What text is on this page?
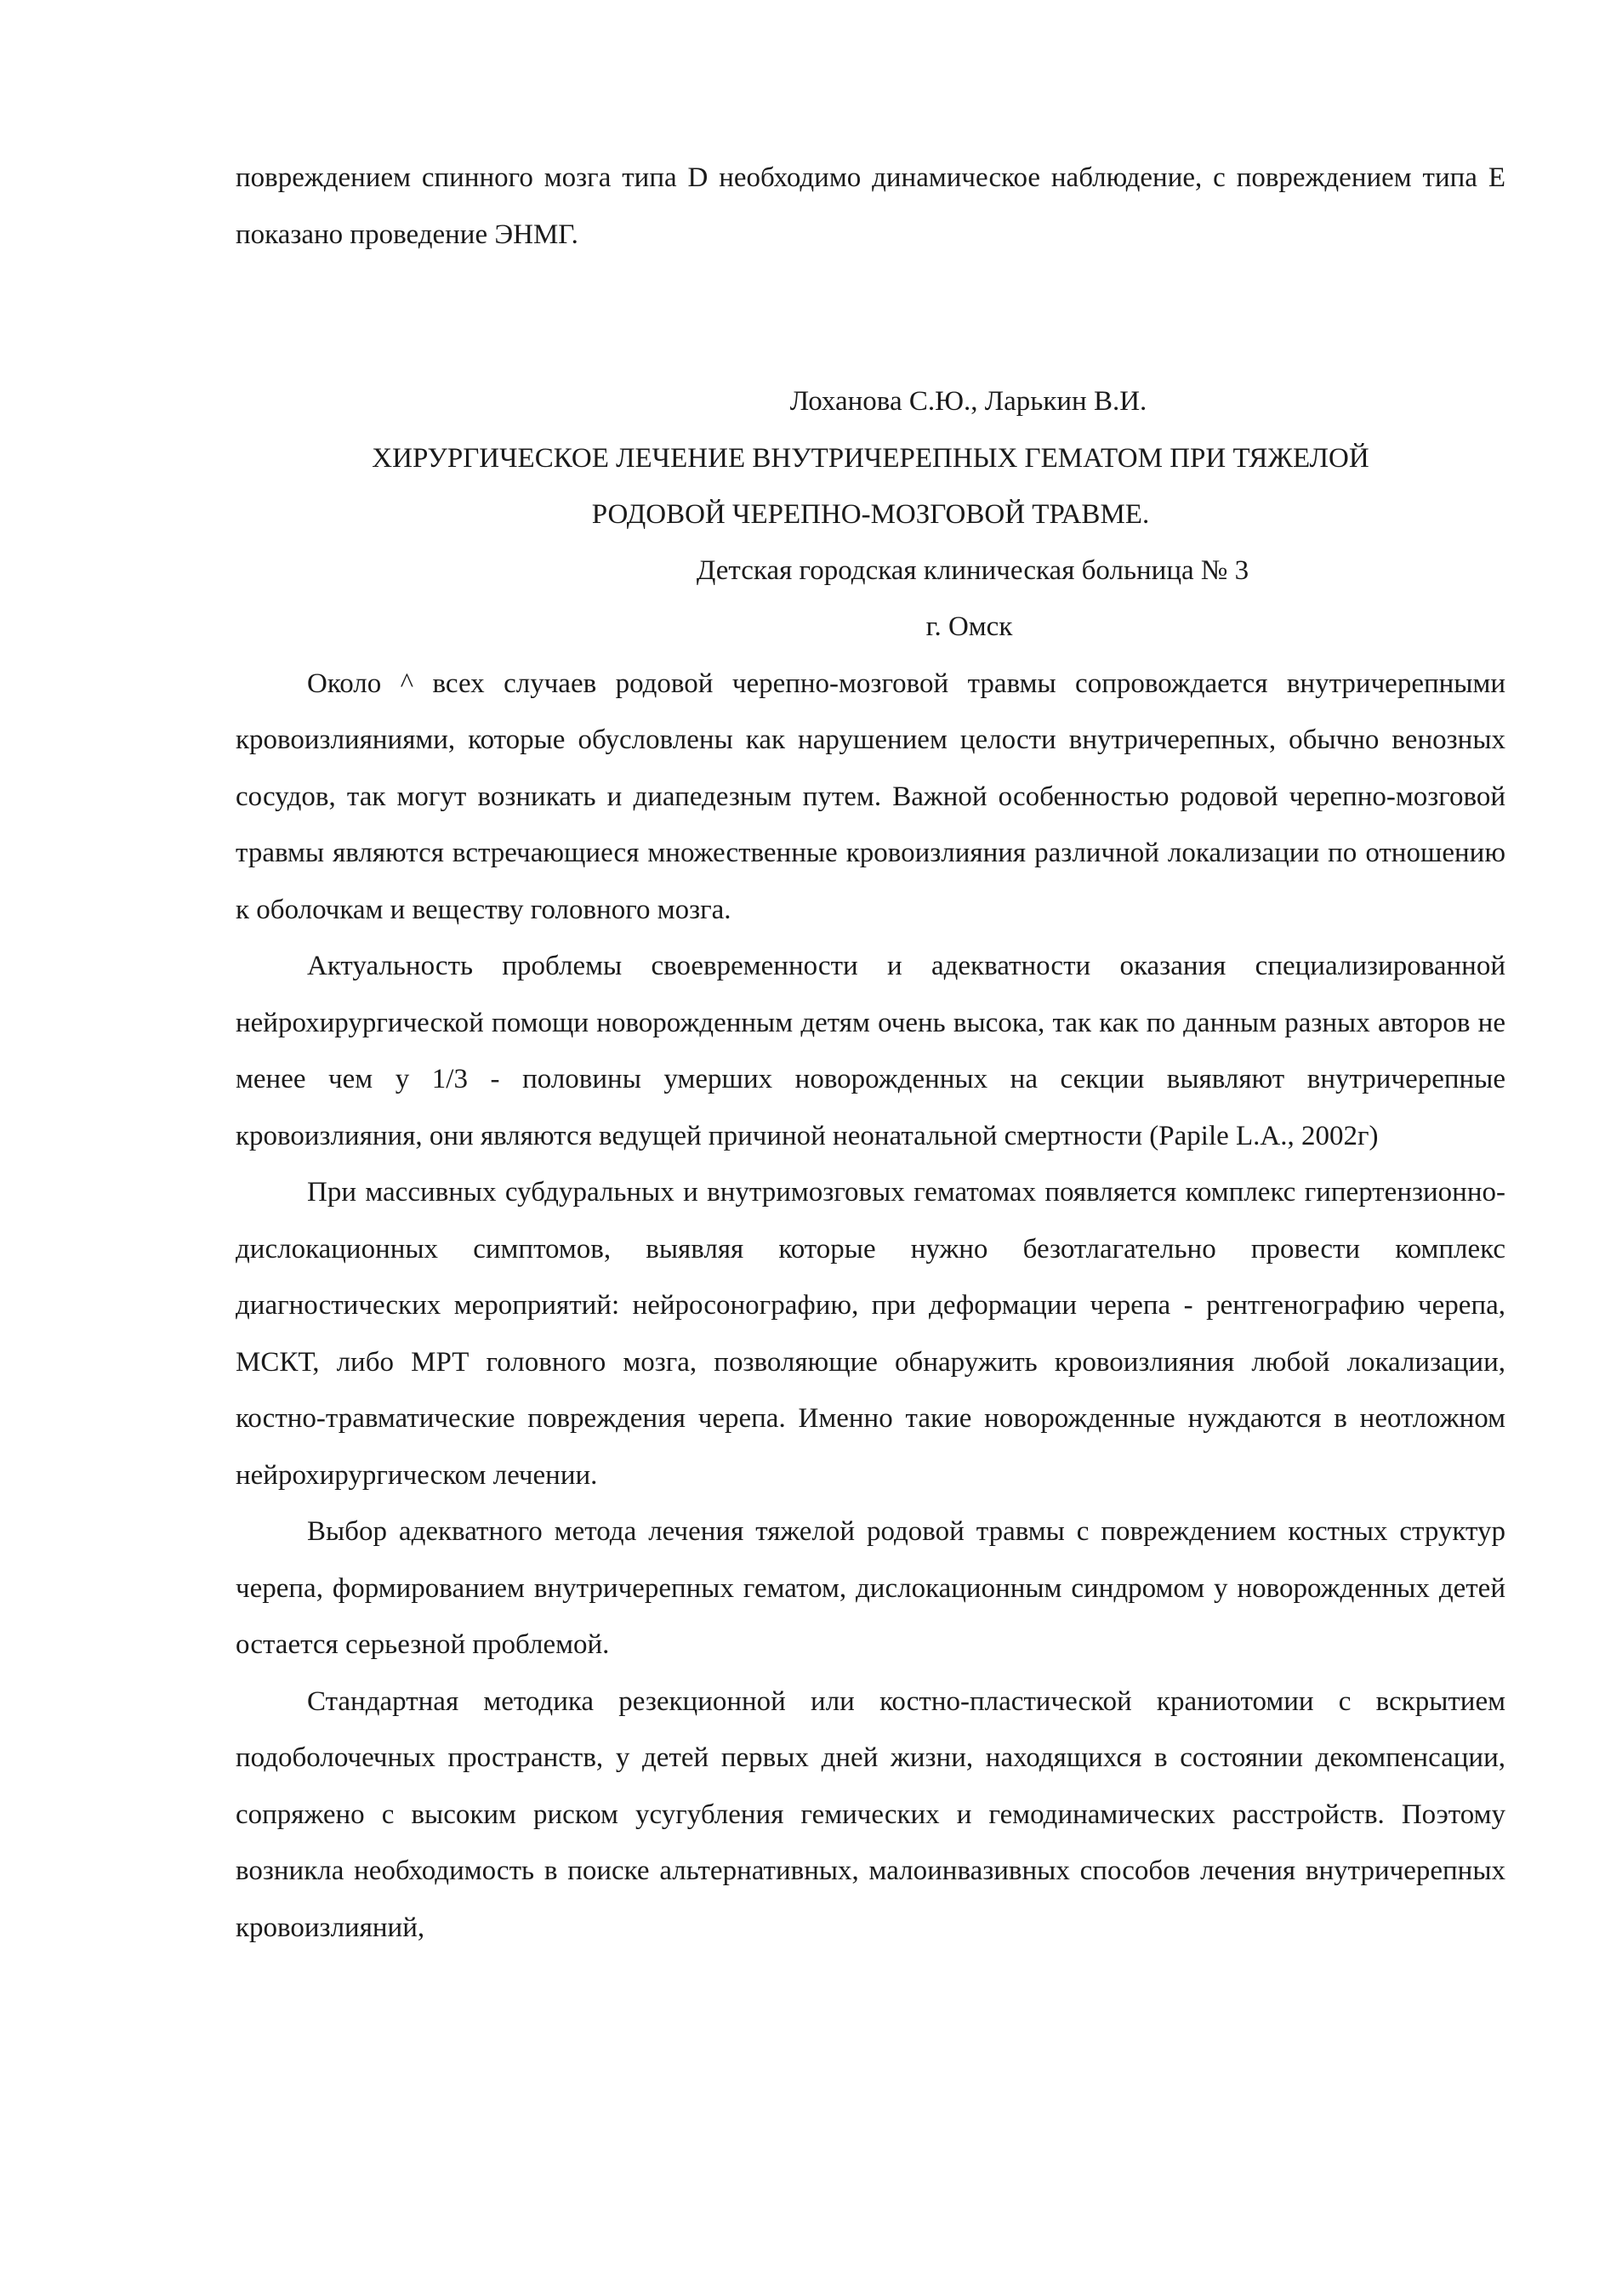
повреждением спинного мозга типа D необходимо динамическое наблюдение, с повреждением типа Е показано проведение ЭНМГ.

Лоханова С.Ю., Ларькин В.И.
ХИРУРГИЧЕСКОЕ ЛЕЧЕНИЕ ВНУТРИЧЕРЕПНЫХ ГЕМАТОМ ПРИ ТЯЖЕЛОЙ
РОДОВОЙ ЧЕРЕПНО-МОЗГОВОЙ ТРАВМЕ.
Детская городская клиническая больница № 3
г. Омск

Около ^ всех случаев родовой черепно-мозговой травмы сопровождается внутричерепными кровоизлияниями, которые обусловлены как нарушением целости внутричерепных, обычно венозных сосудов, так могут возникать и диапедезным путем. Важной особенностью родовой черепно-мозговой травмы являются встречающиеся множественные кровоизлияния различной локализации по отношению к оболочкам и веществу головного мозга.

Актуальность проблемы своевременности и адекватности оказания специализированной нейрохирургической помощи новорожденным детям очень высока, так как по данным разных авторов не менее чем у 1/3 - половины умерших новорожденных на секции выявляют внутричерепные кровоизлияния, они являются ведущей причиной неонатальной смертности (Papile L.A., 2002г)

При массивных субдуральных и внутримозговых гематомах появляется комплекс гипертензионно-дислокационных симптомов, выявляя которые нужно безотлагательно провести комплекс диагностических мероприятий: нейросонографию, при деформации черепа - рентгенографию черепа, МСКТ, либо МРТ головного мозга, позволяющие обнаружить кровоизлияния любой локализации, костно-травматические повреждения черепа. Именно такие новорожденные нуждаются в неотложном нейрохирургическом лечении.

Выбор адекватного метода лечения тяжелой родовой травмы с повреждением костных структур черепа, формированием внутричерепных гематом, дислокационным синдромом у новорожденных детей остается серьезной проблемой.

Стандартная методика резекционной или костно-пластической краниотомии с вскрытием подоболочечных пространств, у детей первых дней жизни, находящихся в состоянии декомпенсации, сопряжено с высоким риском усугубления гемических и гемодинамических расстройств. Поэтому возникла необходимость в поиске альтернативных, малоинвазивных способов лечения внутричерепных кровоизлияний,
